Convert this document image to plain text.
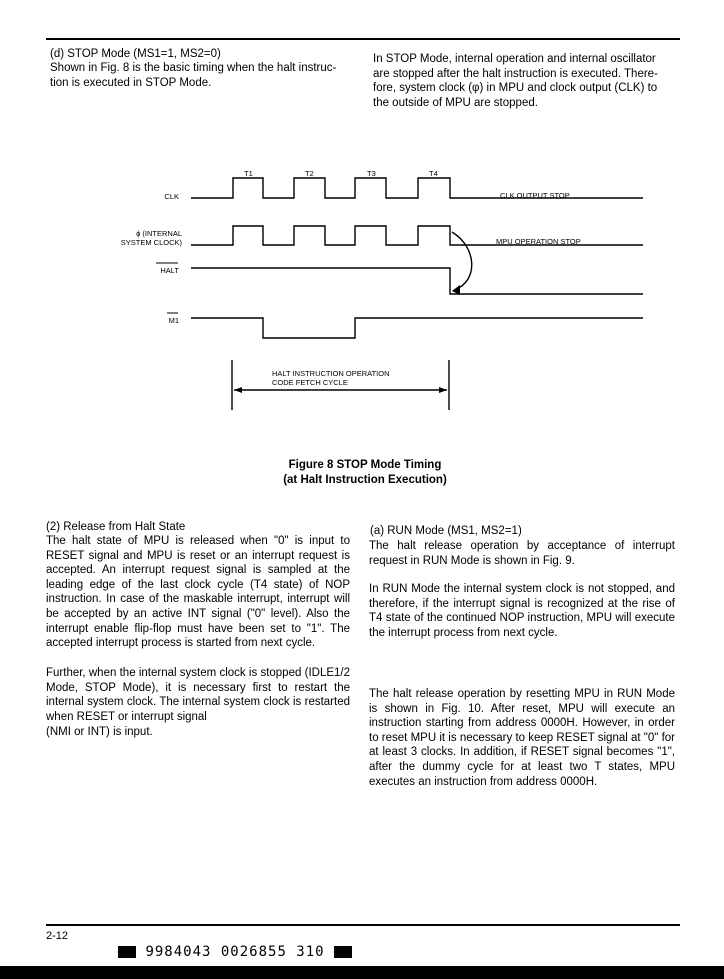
(d) STOP Mode (MS1=1, MS2=0)
Shown in Fig. 8 is the basic timing when the halt instruc-
tion is executed in STOP Mode.
In STOP Mode, internal operation and internal oscillator
are stopped after the halt instruction is executed. There-
fore, system clock (φ) in MPU and clock output (CLK) to
the outside of MPU are stopped.
T1	T2	T3	T4
CLK
HALT
M1
CLK OUTPUT STOP
MPU OPERATION STOP
ϕ (INTERNAL
SYSTEM CLOCK)
HALT INSTRUCTION OPERATION
CODE FETCH CYCLE
Figure 8 STOP Mode Timing
(at Halt Instruction Execution)
(2) Release from Halt State
The halt state of MPU is released when "0" is input to RESET signal and MPU is reset or an interrupt request is accepted. An interrupt request signal is sampled at the leading edge of the last clock cycle (T4 state) of NOP instruction. In case of the maskable interrupt, interrupt will be accepted by an active INT signal ("0" level). Also the interrupt enable flip-flop must have been set to "1". The accepted interrupt process is started from next cycle.
Further, when the internal system clock is stopped (IDLE1/2 Mode, STOP Mode), it is necessary first to restart the internal system clock. The internal system clock is restarted when RESET or interrupt signal
(NMI or INT) is input.
(a) RUN Mode (MS1, MS2=1)
The halt release operation by acceptance of interrupt request in RUN Mode is shown in Fig. 9.
In RUN Mode the internal system clock is not stopped, and therefore, if the interrupt signal is recognized at the rise of T4 state of the continued NOP instruction, MPU will execute the interrupt process from next cycle.
The halt release operation by resetting MPU in RUN Mode is shown in Fig. 10. After reset, MPU will execute an instruction starting from address 0000H. However, in order to reset MPU it is necessary to keep RESET signal at "0" for at least 3 clocks. In addition, if RESET signal becomes "1", after the dummy cycle for at least two T states, MPU executes an instruction from address 0000H.
2-12
9984043 0026855 310
